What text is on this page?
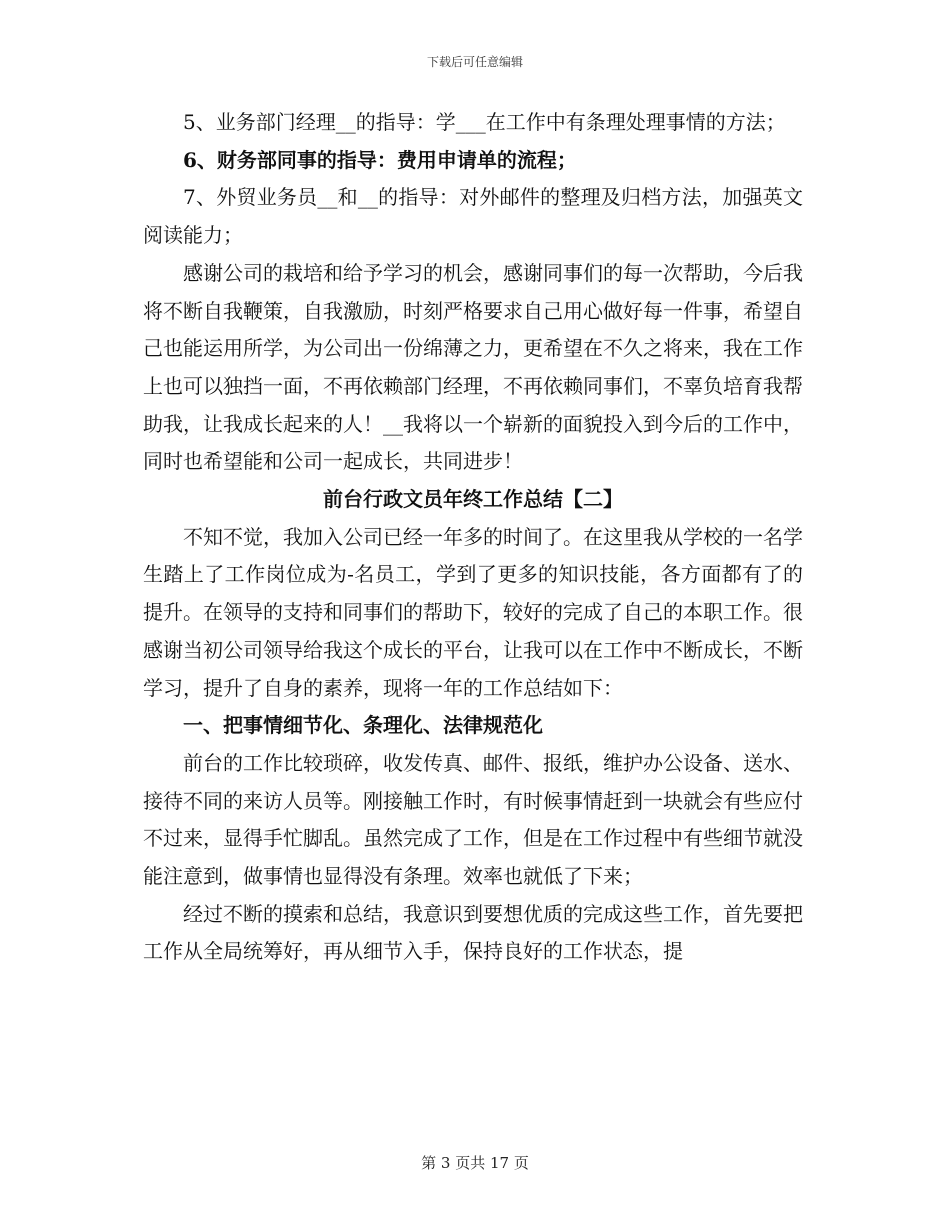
下载后可任意编辑

5、业务部门经理__的指导：学___在工作中有条理处理事情的方法；

6、财务部同事的指导：费用申请单的流程；

7、外贸业务员__和__的指导：对外邮件的整理及归档方法，加强英文阅读能力；

感谢公司的栽培和给予学习的机会，感谢同事们的每一次帮助，今后我将不断自我鞭策，自我激励，时刻严格要求自己用心做好每一件事，希望自己也能运用所学，为公司出一份绵薄之力，更希望在不久之将来，我在工作上也可以独挡一面，不再依赖部门经理，不再依赖同事们，不辜负培育我帮助我，让我成长起来的人！__我将以一个崭新的面貌投入到今后的工作中，同时也希望能和公司一起成长，共同进步！

前台行政文员年终工作总结【二】

不知不觉，我加入公司已经一年多的时间了。在这里我从学校的一名学生踏上了工作岗位成为-名员工，学到了更多的知识技能，各方面都有了的提升。在领导的支持和同事们的帮助下，较好的完成了自己的本职工作。很感谢当初公司领导给我这个成长的平台，让我可以在工作中不断成长，不断学习，提升了自身的素养，现将一年的工作总结如下：

一、把事情细节化、条理化、法律规范化

前台的工作比较琐碎，收发传真、邮件、报纸，维护办公设备、送水、接待不同的来访人员等。刚接触工作时，有时候事情赶到一块就会有些应付不过来，显得手忙脚乱。虽然完成了工作，但是在工作过程中有些细节就没能注意到，做事情也显得没有条理。效率也就低了下来；

经过不断的摸索和总结，我意识到要想优质的完成这些工作，首先要把工作从全局统筹好，再从细节入手，保持良好的工作状态，提

第 3 页共 17 页
